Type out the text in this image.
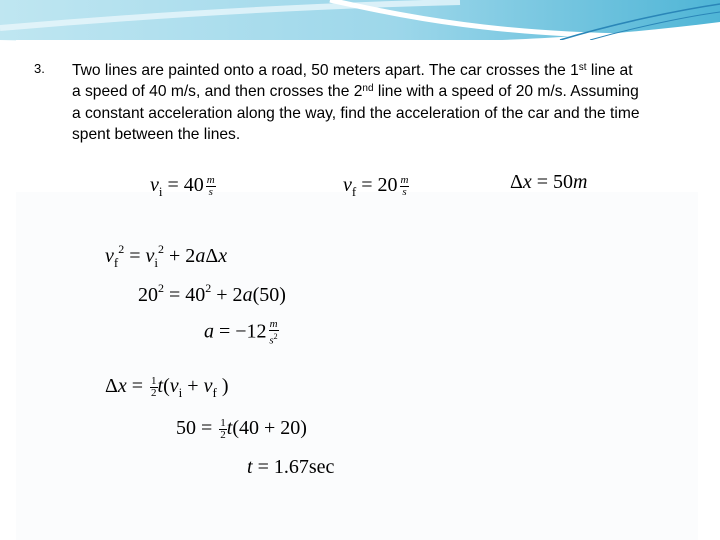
3. Two lines are painted onto a road, 50 meters apart. The car crosses the 1st line at
a speed of 40 m/s, and then crosses the 2nd line with a speed of 20 m/s. Assuming
a constant acceleration along the way, find the acceleration of the car and the time
spent between the lines.
$v_i = 40 \frac{m}{s}$	$v_f = 20 \frac{m}{s}$	Δx = 50m
$v_f^2 = v_i^2 + 2a\Delta x$
$20^2 = 40^2 + 2a(50)$
$a = -12 \frac{m}{s^2}$
$\Delta x = \frac{1}{2} t(v_i + v_f$ )
$50 = \frac{1}{2} t(40 + 20)$
t = 1.67sec
